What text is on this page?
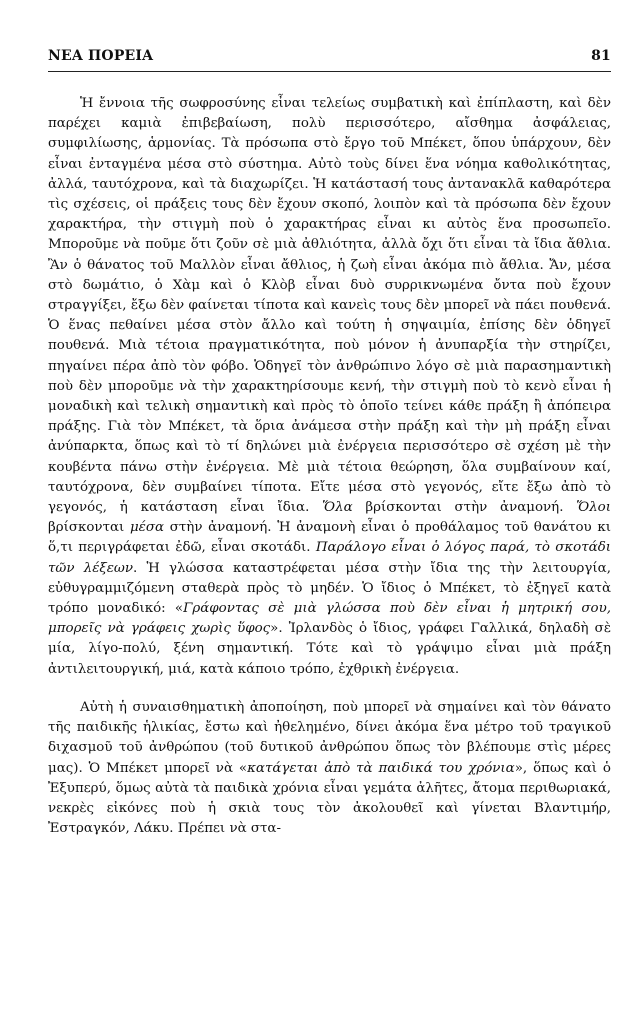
ΝΕΑ ΠΟΡΕΙΑ	81

Ἡ ἔννοια τῆς σωφροσύνης εἶναι τελείως συμβατικὴ καὶ ἐπίπλαστη, καὶ δὲν παρέχει καμιὰ ἐπιβεβαίωση, πολὺ περισσότερο, αἴσθημα ἀσφάλειας, συμφιλίωσης, ἁρμονίας. Τὰ πρόσωπα στὸ ἔργο τοῦ Μπέκετ, ὅπου ὑπάρχουν, δὲν εἶναι ἐνταγμένα μέσα στὸ σύστημα. Αὐτὸ τοὺς δίνει ἕνα νόημα καθολικότητας, ἀλλά, ταυτόχρονα, καὶ τὰ διαχωρίζει. Ἡ κατάστασή τους ἀντανακλᾶ καθαρότερα τὶς σχέσεις, οἱ πράξεις τους δὲν ἔχουν σκοπό, λοιπὸν καὶ τὰ πρόσωπα δὲν ἔχουν χαρακτήρα, τὴν στιγμὴ ποὺ ὁ χαρακτήρας εἶναι κι αὐτὸς ἕνα προσωπεῖο. Μποροῦμε νὰ ποῦμε ὅτι ζοῦν σὲ μιὰ ἀθλιότητα, ἀλλὰ ὄχι ὅτι εἶναι τὰ ἴδια ἄθλια. Ἂν ὁ θάνατος τοῦ Μαλλὸν εἶναι ἄθλιος, ἡ ζωὴ εἶναι ἀκόμα πιὸ ἄθλια. Ἄν, μέσα στὸ δωμάτιο, ὁ Χὰμ καὶ ὁ Κλὸβ εἶναι δυὸ συρρικνωμένα ὄντα ποὺ ἔχουν στραγγίξει, ἔξω δὲν φαίνεται τίποτα καὶ κανεὶς τους δὲν μπορεῖ νὰ πάει πουθενά. Ὁ ἕνας πεθαίνει μέσα στὸν ἄλλο καὶ τούτη ἡ σηψαιμία, ἐπίσης δὲν ὁδηγεῖ πουθενά. Μιὰ τέτοια πραγματικότητα, ποὺ μόνον ἡ ἀνυπαρξία τὴν στηρίζει, πηγαίνει πέρα ἀπὸ τὸν φόβο. Ὁδηγεῖ τὸν ἀνθρώπινο λόγο σὲ μιὰ παρασημαντικὴ ποὺ δὲν μποροῦμε νὰ τὴν χαρακτηρίσουμε κενή, τὴν στιγμὴ ποὺ τὸ κενὸ εἶναι ἡ μοναδικὴ καὶ τελικὴ σημαντικὴ καὶ πρὸς τὸ ὁποῖο τείνει κάθε πράξη ἢ ἀπόπειρα πράξης. Γιὰ τὸν Μπέκετ, τὰ ὅρια ἀνάμεσα στὴν πράξη καὶ τὴν μὴ πράξη εἶναι ἀνύπαρκτα, ὅπως καὶ τὸ τί δηλώνει μιὰ ἐνέργεια περισσότερο σὲ σχέση μὲ τὴν κουβέντα πάνω στὴν ἐνέργεια. Μὲ μιὰ τέτοια θεώρηση, ὅλα συμβαίνουν καί, ταυτόχρονα, δὲν συμβαίνει τίποτα. Εἴτε μέσα στὸ γεγονός, εἴτε ἔξω ἀπὸ τὸ γεγονός, ἡ κατάσταση εἶναι ἴδια. Ὅλα βρίσκονται στὴν ἀναμονή. Ὅλοι βρίσκονται μέσα στὴν ἀναμονή. Ἡ ἀναμονὴ εἶναι ὁ προθάλαμος τοῦ θανάτου κι ὅ,τι περιγράφεται ἐδῶ, εἶναι σκοτάδι. Παράλογο εἶναι ὁ λόγος παρά, τὸ σκοτάδι τῶν λέξεων. Ἡ γλώσσα καταστρέφεται μέσα στὴν ἴδια της τὴν λειτουργία, εὐθυγραμμιζόμενη σταθερὰ πρὸς τὸ μηδέν. Ὁ ἴδιος ὁ Μπέκετ, τὸ ἐξηγεῖ κατὰ τρόπο μοναδικό: «Γράφοντας σὲ μιὰ γλώσσα ποὺ δὲν εἶναι ἡ μητρική σου, μπορεῖς νὰ γράφεις χωρὶς ὕφος». Ἰρλανδὸς ὁ ἴδιος, γράφει Γαλλικά, δηλαδὴ σὲ μία, λίγο-πολύ, ξένη σημαντική. Τότε καὶ τὸ γράψιμο εἶναι μιὰ πράξη ἀντιλειτουργική, μιά, κατὰ κάποιο τρόπο, ἐχθρικὴ ἐνέργεια.

Αὐτὴ ἡ συναισθηματικὴ ἀποποίηση, ποὺ μπορεῖ νὰ σημαίνει καὶ τὸν θάνατο τῆς παιδικῆς ἡλικίας, ἔστω καὶ ἠθελημένο, δίνει ἀκόμα ἕνα μέτρο τοῦ τραγικοῦ διχασμοῦ τοῦ ἀνθρώπου (τοῦ δυτικοῦ ἀνθρώπου ὅπως τὸν βλέπουμε στὶς μέρες μας). Ὁ Μπέκετ μπορεῖ νὰ «κατάγεται ἀπὸ τὰ παιδικά του χρόνια», ὅπως καὶ ὁ Ἐξυπερύ, ὅμως αὐτὰ τὰ παιδικὰ χρόνια εἶναι γεμάτα ἀλῆτες, ἄτομα περιθωριακά, νεκρὲς εἰκόνες ποὺ ἡ σκιὰ τους τὸν ἀκολουθεῖ καὶ γίνεται Βλαντιμήρ, Ἐστραγκόν, Λάκυ. Πρέπει νὰ στα-
